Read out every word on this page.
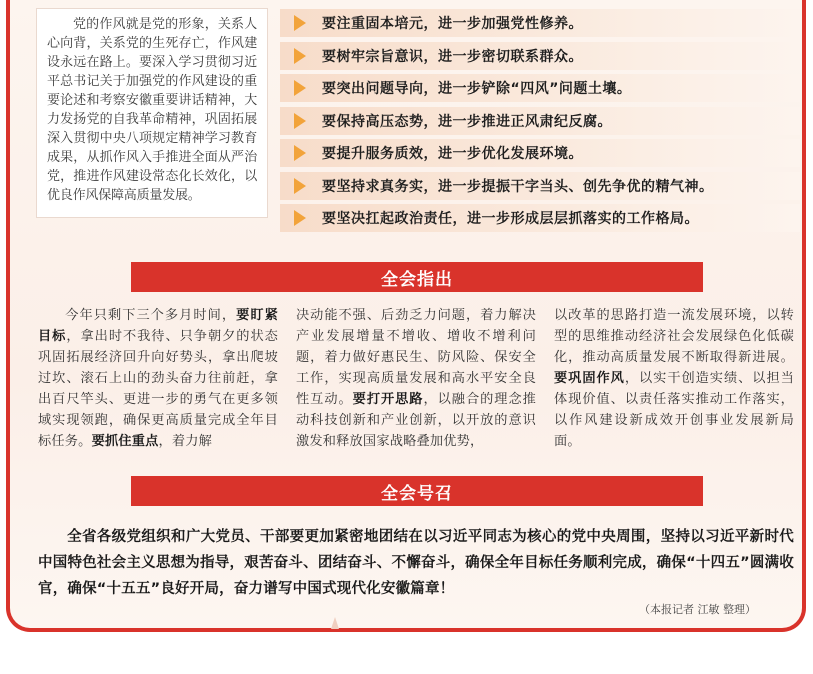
党的作风就是党的形象，关系人心向背，关系党的生死存亡，作风建设永远在路上。要深入学习贯彻习近平总书记关于加强党的作风建设的重要论述和考察安徽重要讲话精神，大力发扬党的自我革命精神，巩固拓展深入贯彻中央八项规定精神学习教育成果，从抓作风入手推进全面从严治党，推进作风建设常态化长效化，以优良作风保障高质量发展。
要注重固本培元，进一步加强党性修养。
要树牢宗旨意识，进一步密切联系群众。
要突出问题导向，进一步铲除“四风”问题土壤。
要保持高压态势，进一步推进正风肃纪反腐。
要提升服务质效，进一步优化发展环境。
要坚持求真务实，进一步提振干字当头、创先争优的精气神。
要坚决扛起政治责任，进一步形成层层抓落实的工作格局。
全会指出
今年只剩下三个多月时间，要盯紧目标，拿出时不我待、只争朝夕的状态巩固拓展经济回升向好势头，拿出爬坡过坎、滚石上山的劲头奋力往前赶，拿出百尺竿头、更进一步的勇气在更多领域实现领跑，确保更高质量完成全年目标任务。要抓住重点，着力解
决动能不强、后劲乏力问题，着力解决产业发展增量不增收、增收不增利问题，着力做好惠民生、防风险、保安全工作，实现高质量发展和高水平安全良性互动。要打开思路，以融合的理念推动科技创新和产业创新，以开放的意识激发和释放国家战略叠加优势，
以改革的思路打造一流发展环境，以转型的思维推动经济社会发展绿色化低碳化，推动高质量发展不断取得新进展。要巩固作风，以实干创造实绩、以担当体现价值、以责任落实推动工作落实，以作风建设新成效开创事业发展新局面。
全会号召
全省各级党组织和广大党员、干部要更加紧密地团结在以习近平同志为核心的党中央周围，坚持以习近平新时代中国特色社会主义思想为指导，艰苦奋斗、团结奋斗、不懈奋斗，确保全年目标任务顺利完成，确保“十四五”圆满收官，确保“十五五”良好开局，奋力谱写中国式现代化安徽篇章！
（本报记者 江敏 整理）
